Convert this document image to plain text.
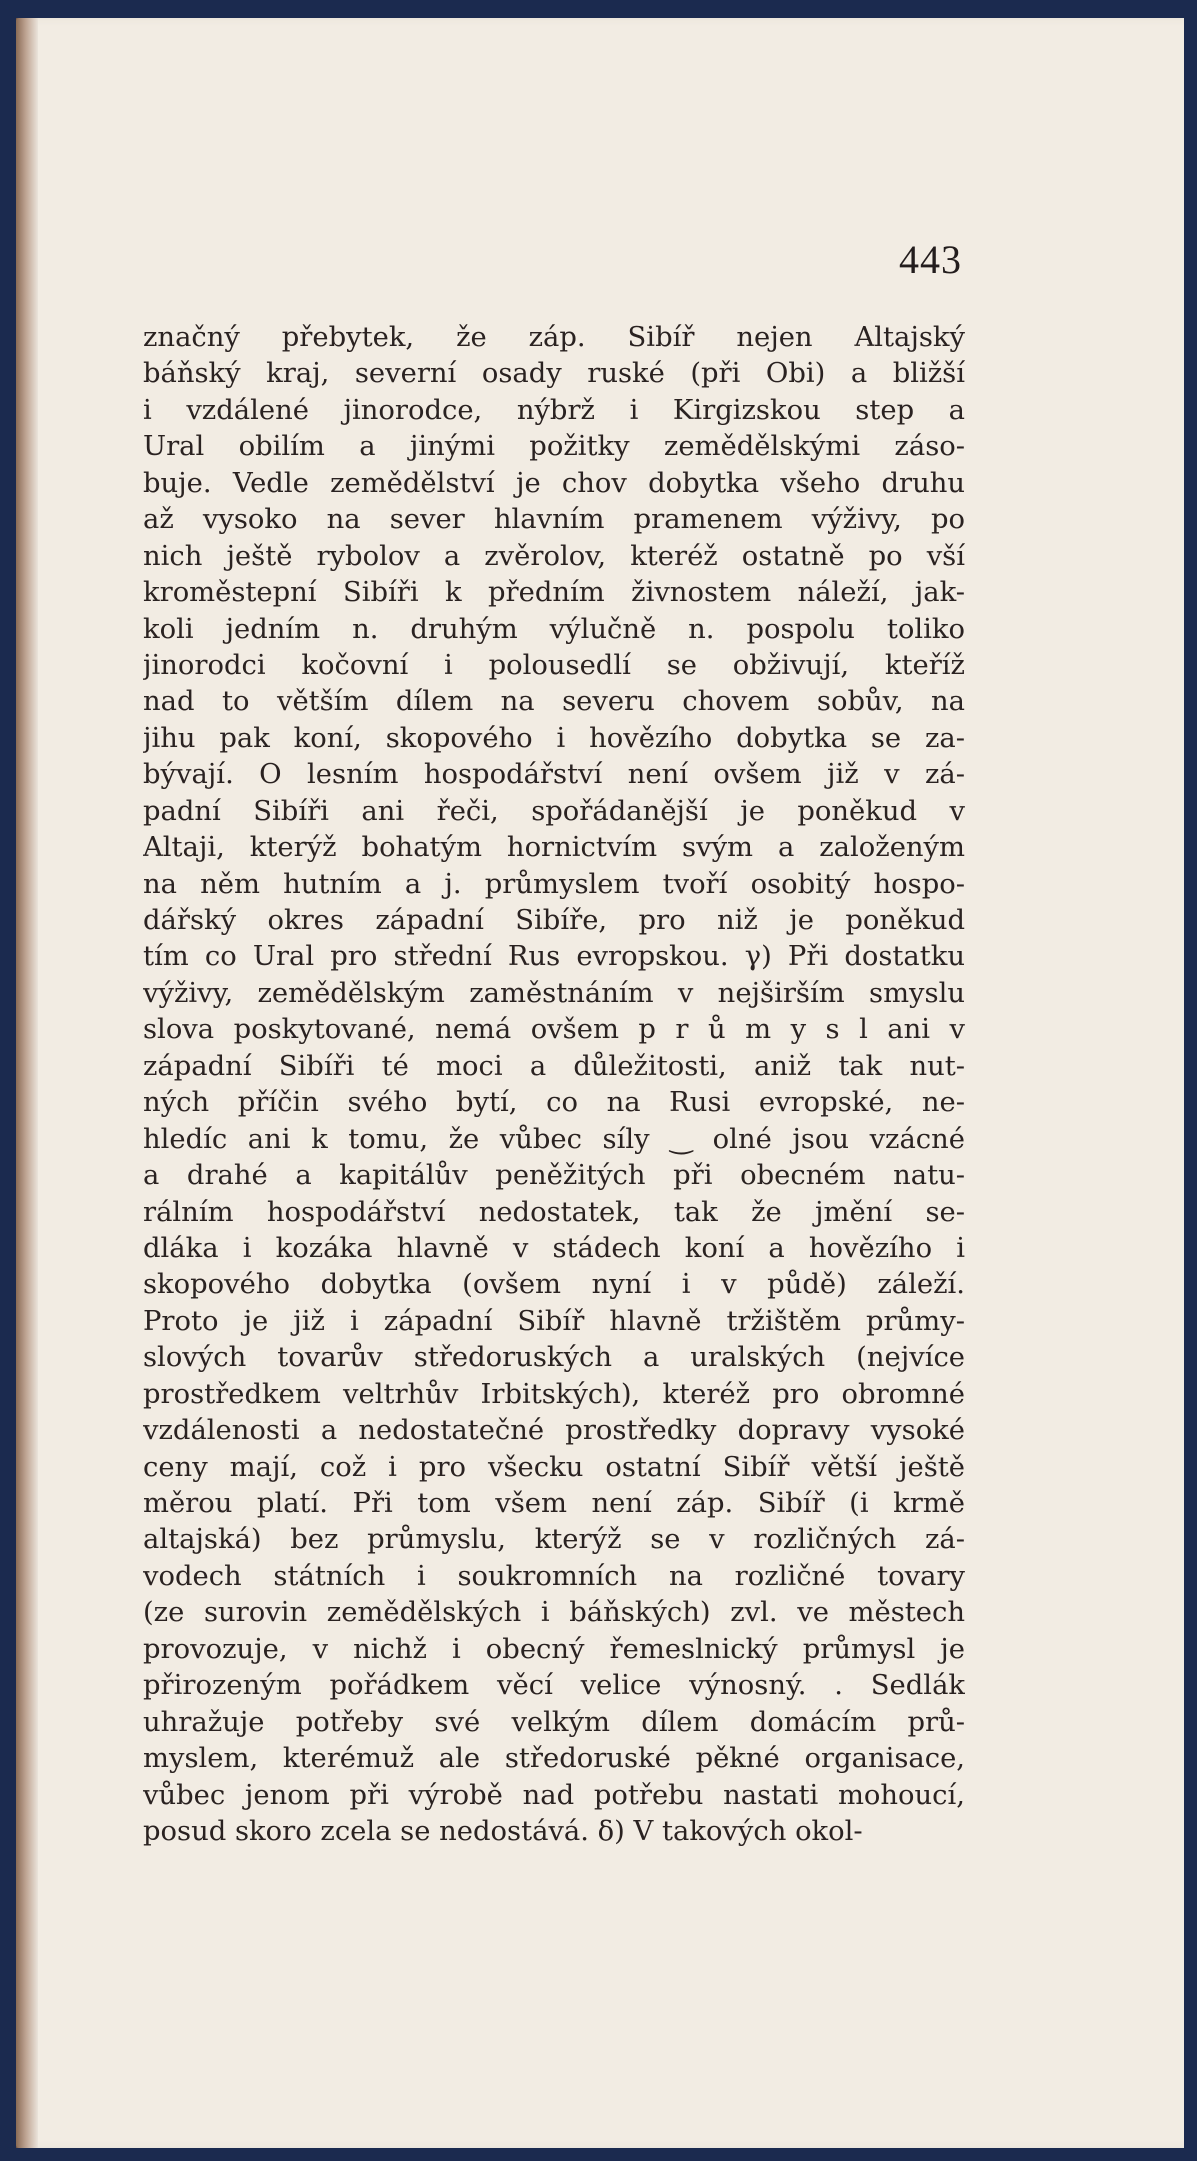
443
značný přebytek, že záp. Sibíř nejen Altajský
báňský kraj, severní osady ruské (při Obi) a bližší
i vzdálené jinorodce, nýbrž i Kirgizskou step a
Ural obilím a jinými požitky zemědělskými záso-
buje. Vedle zemědělství je chov dobytka všeho druhu
až vysoko na sever hlavním pramenem výživy, po
nich ještě rybolov a zvěrolov, kteréž ostatně po vší
kroměstepní Sibíři k předním živnostem náleží, jak-
koli jedním n. druhým výlučně n. pospolu toliko
jinorodci kočovní i polousedlí se obživují, kteříž
nad to větším dílem na severu chovem sobův, na
jihu pak koní, skopového i hovězího dobytka se za-
bývají. O lesním hospodářství není ovšem již v zá-
padní Sibíři ani řeči, spořádanější je poněkud v
Altaji, kterýž bohatým hornictvím svým a založeným
na něm hutním a j. průmyslem tvoří osobitý hospo-
dářský okres západní Sibíře, pro niž je poněkud
tím co Ural pro střední Rus evropskou. γ) Při dostatku
výživy, zemědělským zaměstnáním v nejširším smyslu
slova poskytované, nemá ovšem p r ů m y s l ani v
západní Sibíři té moci a důležitosti, aniž tak nut-
ných příčin svého bytí, co na Rusi evropské, ne-
hledíc ani k tomu, že vůbec síly ‿ olné jsou vzácné
a drahé a kapitálův peněžitých při obecném natu-
rálním hospodářství nedostatek, tak že jmění se-
dláka i kozáka hlavně v stádech koní a hovězího i
skopového dobytka (ovšem nyní i v půdě) záleží.
Proto je již i západní Sibíř hlavně tržištěm průmy-
slových tovarův středoruských a uralských (nejvíce
prostředkem veltrhův Irbitských), kteréž pro obromné
vzdálenosti a nedostatečné prostředky dopravy vysoké
ceny mají, což i pro všecku ostatní Sibíř větší ještě
měrou platí. Při tom všem není záp. Sibíř (i krmě
altajská) bez průmyslu, kterýž se v rozličných zá-
vodech státních i soukromních na rozličné tovary
(ze surovin zemědělských i báňských) zvl. ve městech
provozuje, v nichž i obecný řemeslnický průmysl je
přirozeným pořádkem věcí velice výnosný. . Sedlák
uhražuje potřeby své velkým dílem domácím prů-
myslem, kterémuž ale středoruské pěkné organisace,
vůbec jenom při výrobě nad potřebu nastati mohoucí,
posud skoro zcela se nedostává. δ) V takových okol-
